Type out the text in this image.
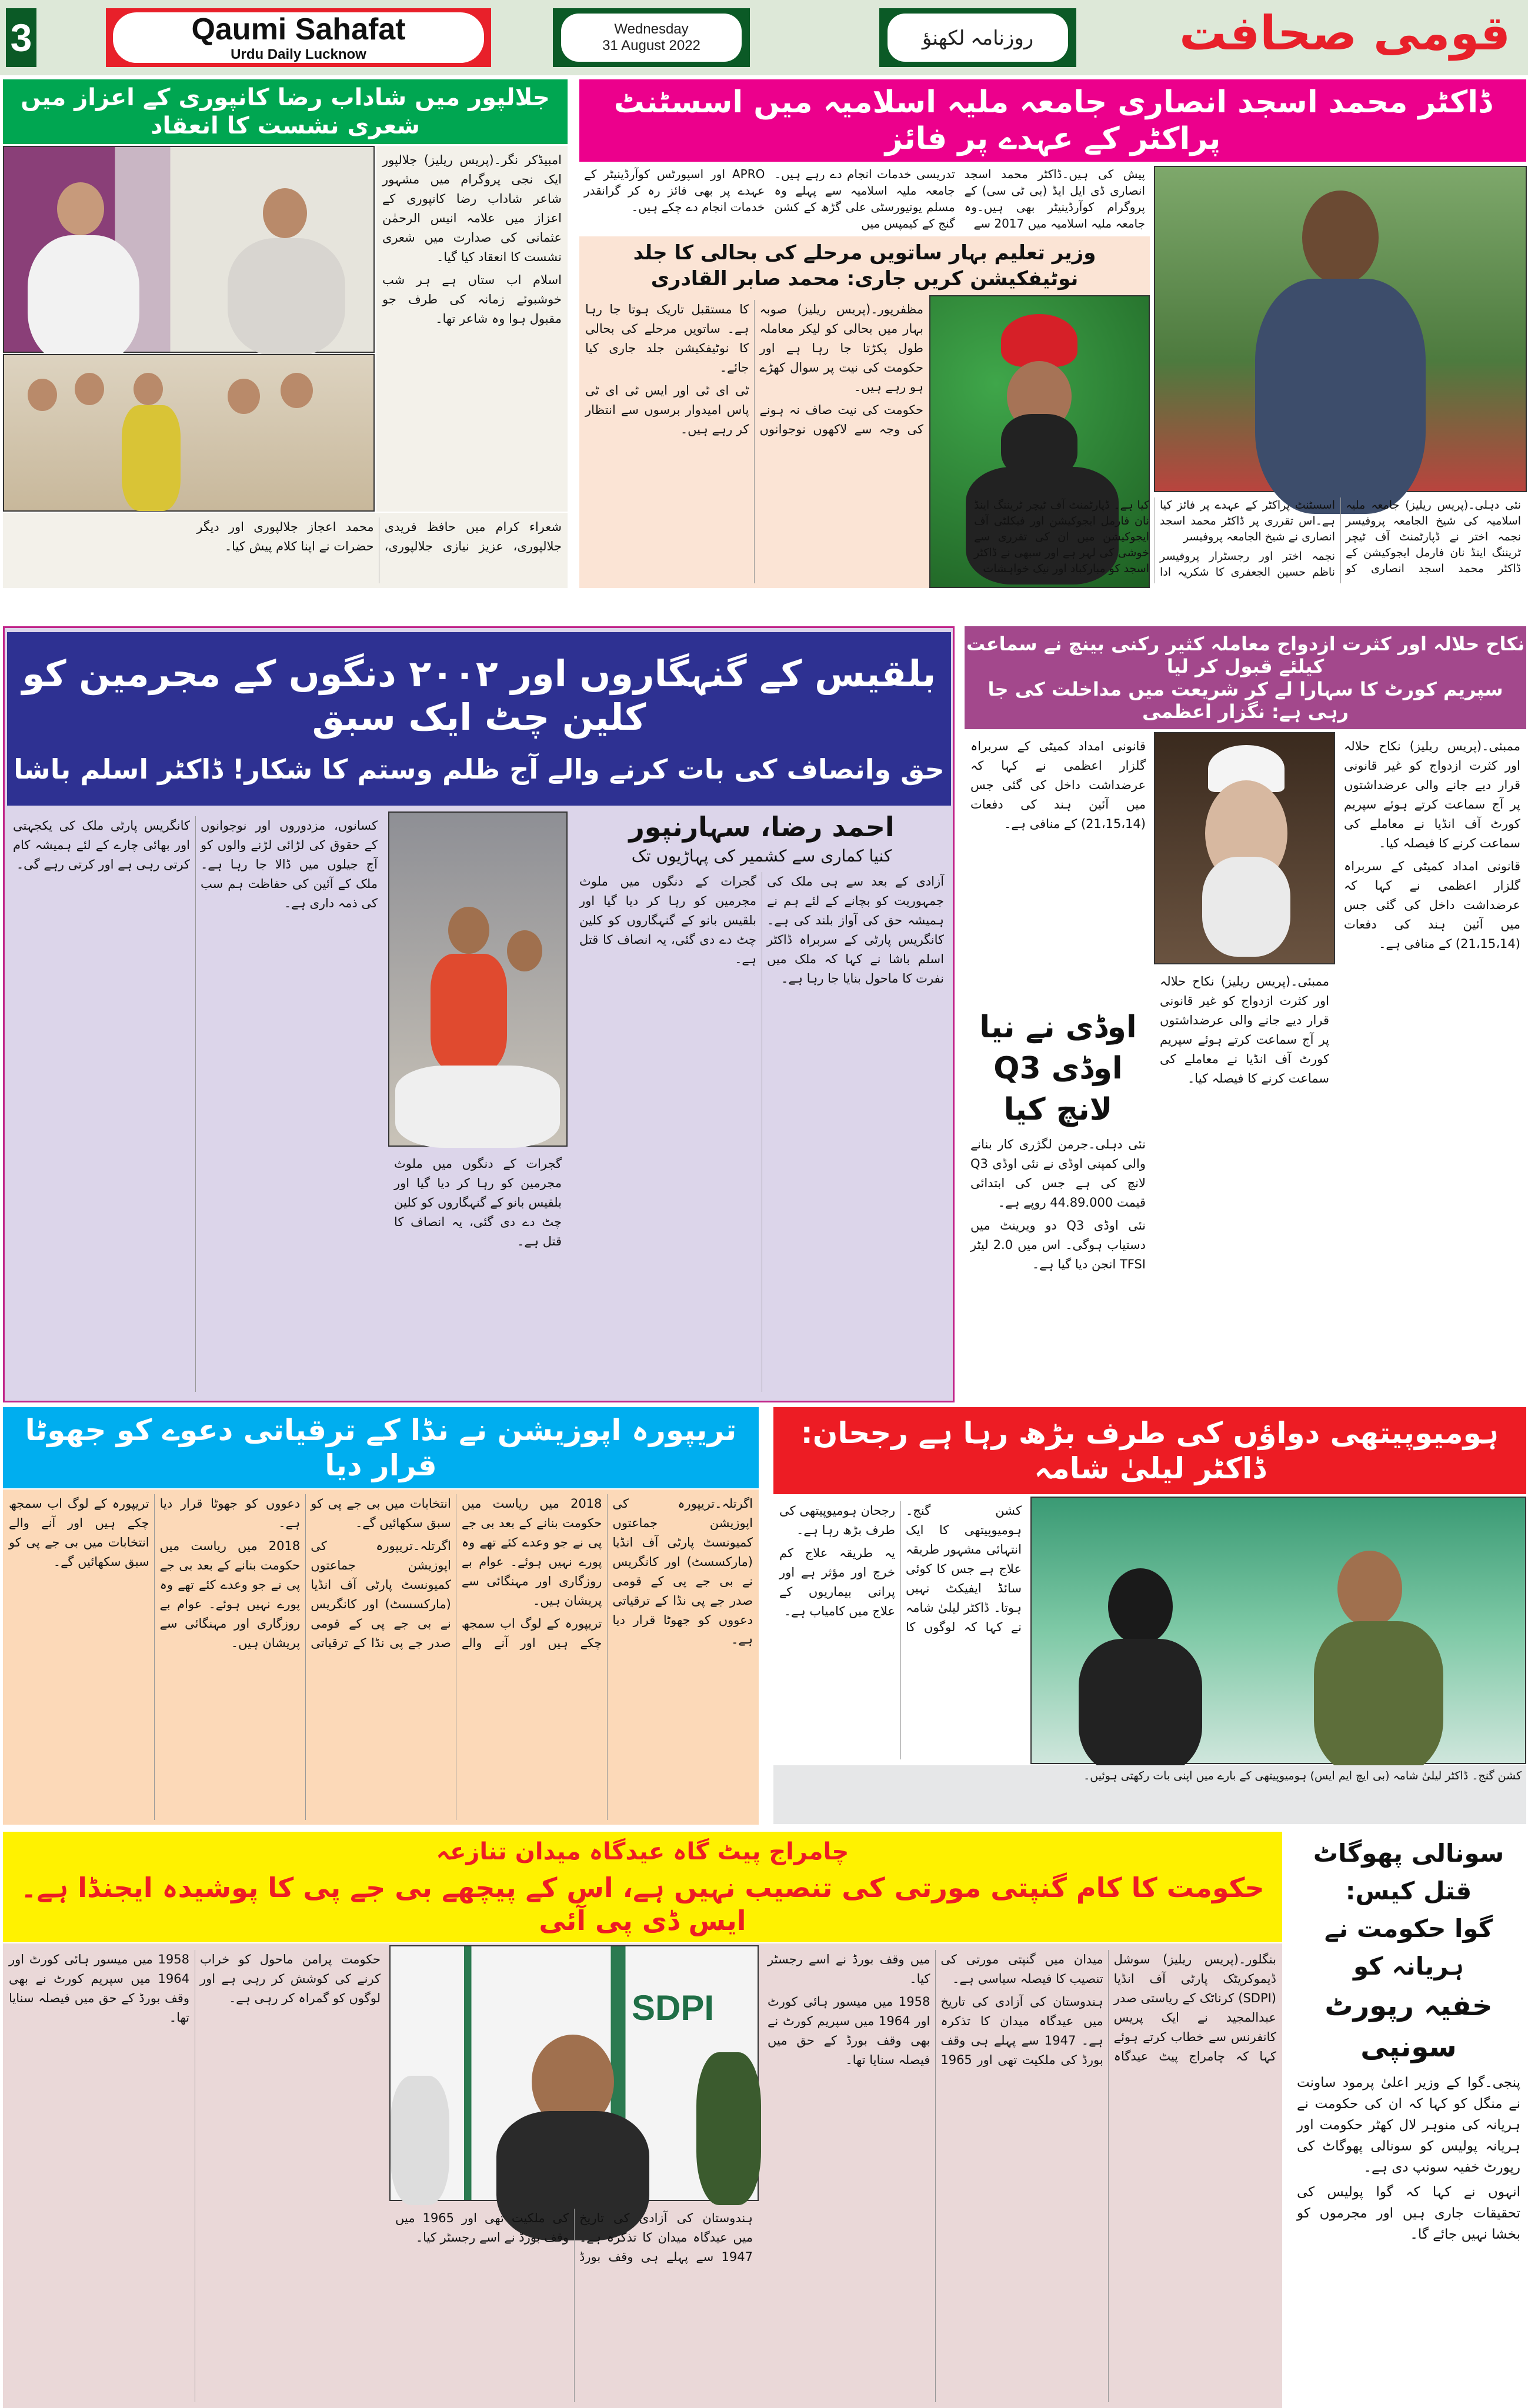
3	Qaumi Sahafat
Urdu Daily Lucknow
Wednesday
31 August 2022	روزنامہ لکھنؤ	قومی صحافت
جلالپور میں شاداب رضا کانپوری کے اعزاز میں شعری نشست کا انعقاد

امبیڈکر نگر۔(پریس ریلیز) جلالپور ایک نجی پروگرام میں مشہور شاعر شاداب رضا کانپوری کے اعزاز میں علامہ انیس الرحمٰن عثمانی کی صدارت میں شعری نشست کا انعقاد کیا گیا۔

اسلام اب ستاں ہے ہر شب خوشبوئے زمانہ کی طرف جو مقبول ہوا وہ شاعر تھا۔

شعراء کرام میں حافظ فریدی جلالپوری، عزیز نیازی جلالپوری، محمد اعجاز جلالپوری اور دیگر حضرات نے اپنا کلام پیش کیا۔

ڈاکٹر محمد اسجد انصاری جامعہ ملیہ اسلامیہ میں اسسٹنٹ پراکٹر کے عہدے پر فائز

پیش کی ہیں۔ڈاکٹر محمد اسجد انصاری ڈی ایل ایڈ (بی ٹی سی) کے پروگرام کوآرڈینیٹر بھی ہیں۔وہ جامعہ ملیہ اسلامیہ میں 2017 سے

تدریسی خدمات انجام دے رہے ہیں۔ جامعہ ملیہ اسلامیہ سے پہلے وہ مسلم یونیورسٹی علی گڑھ کے کشن گنج کے کیمپس میں

APRO اور اسپورٹس کوآرڈینیٹر کے عہدے پر بھی فائز رہ کر گرانقدر خدمات انجام دے چکے ہیں۔

وزیر تعلیم بہار ساتویں مرحلے کی بحالی کا جلد نوٹیفکیشن کریں جاری: محمد صابر القادری

مظفرپور۔(پریس ریلیز) صوبہ بہار میں بحالی کو لیکر معاملہ طول پکڑتا جا رہا ہے اور حکومت کی نیت پر سوال کھڑے ہو رہے ہیں۔

حکومت کی نیت صاف نہ ہونے کی وجہ سے لاکھوں نوجوانوں کا مستقبل تاریک ہوتا جا رہا ہے۔ ساتویں مرحلے کی بحالی کا نوٹیفکیشن جلد جاری کیا جائے۔

ٹی ای ٹی اور ایس ٹی ای ٹی پاس امیدوار برسوں سے انتظار کر رہے ہیں۔

نئی دہلی۔(پریس ریلیز) جامعہ ملیہ اسلامیہ کی شیخ الجامعہ پروفیسر نجمہ اختر نے ڈپارٹمنٹ آف ٹیچر ٹریننگ اینڈ نان فارمل ایجوکیشن کے ڈاکٹر محمد اسجد انصاری کو اسسٹنٹ پراکٹر کے عہدے پر فائز کیا ہے۔اس تقرری پر ڈاکٹر محمد اسجد انصاری نے شیخ الجامعہ پروفیسر

نجمہ اختر اور رجسٹرار پروفیسر ناظم حسین الجعفری کا شکریہ ادا کیا ہے۔ ڈپارٹمنٹ آف ٹیچر ٹریننگ اینڈ نان فارمل ایجوکیشن اور فیکلٹی آف ایجوکیشن میں ان کی تقرری سے خوشی کی لہر ہے اور سبھی نے ڈاکٹر اسجد کو مبارکباد اور نیک خواہشات

بلقیس کے گنہگاروں اور ۲۰۰۲ دنگوں کے مجرمین کو کلین چٹ ایک سبق
حق وانصاف کی بات کرنے والے آج ظلم وستم کا شکار! ڈاکٹر اسلم باشا
احمد رضا، سہارنپور
کنیا کماری سے کشمیر کی پہاڑیوں تک

آزادی کے بعد سے ہی ملک کی جمہوریت کو بچانے کے لئے ہم نے ہمیشہ حق کی آواز بلند کی ہے۔ کانگریس پارٹی کے سربراہ ڈاکٹر اسلم باشا نے کہا کہ ملک میں نفرت کا ماحول بنایا جا رہا ہے۔

گجرات کے دنگوں میں ملوث مجرمین کو رہا کر دیا گیا اور بلقیس بانو کے گنہگاروں کو کلین چٹ دے دی گئی، یہ انصاف کا قتل ہے۔

کسانوں، مزدوروں اور نوجوانوں کے حقوق کی لڑائی لڑنے والوں کو آج جیلوں میں ڈالا جا رہا ہے۔ ملک کے آئین کی حفاظت ہم سب کی ذمہ داری ہے۔

کانگریس پارٹی ملک کی یکجہتی اور بھائی چارے کے لئے ہمیشہ کام کرتی رہی ہے اور کرتی رہے گی۔

گجرات کے دنگوں میں ملوث مجرمین کو رہا کر دیا گیا اور بلقیس بانو کے گنہگاروں کو کلین چٹ دے دی گئی، یہ انصاف کا قتل ہے۔

نکاح حلالہ اور کثرت ازدواج معاملہ کثیر رکنی بینچ نے سماعت کیلئے قبول کر لیا
سپریم کورٹ کا سہارا لے کر شریعت میں مداخلت کی جا رہی ہے: نگزار اعظمی

قانونی امداد کمیٹی کے سربراہ گلزار اعظمی نے کہا کہ عرضداشت داخل کی گئی جس میں آئین ہند کی دفعات (21،15،14) کے منافی ہے۔

ممبئی۔(پریس ریلیز) نکاح حلالہ اور کثرت ازدواج کو غیر قانونی قرار دیے جانے والی عرضداشتوں پر آج سماعت کرتے ہوئے سپریم کورٹ آف انڈیا نے معاملے کی سماعت کرنے کا فیصلہ کیا۔

قانونی امداد کمیٹی کے سربراہ گلزار اعظمی نے کہا کہ عرضداشت داخل کی گئی جس میں آئین ہند کی دفعات (21،15،14) کے منافی ہے۔

ممبئی۔(پریس ریلیز) نکاح حلالہ اور کثرت ازدواج کو غیر قانونی قرار دیے جانے والی عرضداشتوں پر آج سماعت کرتے ہوئے سپریم کورٹ آف انڈیا نے معاملے کی سماعت کرنے کا فیصلہ کیا۔

اوڈی نے نیا اوڈی Q3 لانچ کیا

نئی دہلی۔جرمن لگژری کار بنانے والی کمپنی اوڈی نے نئی اوڈی Q3 لانچ کی ہے جس کی ابتدائی قیمت 44.89.000 روپے ہے۔

نئی اوڈی Q3 دو ویرینٹ میں دستیاب ہوگی۔ اس میں 2.0 لیٹر TFSI انجن دیا گیا ہے۔

تریپورہ اپوزیشن نے نڈا کے ترقیاتی دعوے کو جھوٹا قرار دیا

اگرتلہ۔تریپورہ کی اپوزیشن جماعتوں کمیونسٹ پارٹی آف انڈیا (مارکسسٹ) اور کانگریس نے بی جے پی کے قومی صدر جے پی نڈا کے ترقیاتی دعووں کو جھوٹا قرار دیا ہے۔

2018 میں ریاست میں حکومت بنانے کے بعد بی جے پی نے جو وعدے کئے تھے وہ پورے نہیں ہوئے۔ عوام بے روزگاری اور مہنگائی سے پریشان ہیں۔

تریپورہ کے لوگ اب سمجھ چکے ہیں اور آنے والے انتخابات میں بی جے پی کو سبق سکھائیں گے۔

اگرتلہ۔تریپورہ کی اپوزیشن جماعتوں کمیونسٹ پارٹی آف انڈیا (مارکسسٹ) اور کانگریس نے بی جے پی کے قومی صدر جے پی نڈا کے ترقیاتی دعووں کو جھوٹا قرار دیا ہے۔

2018 میں ریاست میں حکومت بنانے کے بعد بی جے پی نے جو وعدے کئے تھے وہ پورے نہیں ہوئے۔ عوام بے روزگاری اور مہنگائی سے پریشان ہیں۔

تریپورہ کے لوگ اب سمجھ چکے ہیں اور آنے والے انتخابات میں بی جے پی کو سبق سکھائیں گے۔

ہومیوپیتھی دواؤں کی طرف بڑھ رہا ہے رجحان: ڈاکٹر لیلیٰ شامہ

کشن گنج۔ ہومیوپیتھی کا ایک انتہائی مشہور طریقہ علاج ہے جس کا کوئی سائڈ ایفیکٹ نہیں ہوتا۔ ڈاکٹر لیلیٰ شامہ نے کہا کہ لوگوں کا رجحان ہومیوپیتھی کی طرف بڑھ رہا ہے۔

یہ طریقہ علاج کم خرچ اور مؤثر ہے اور پرانی بیماریوں کے علاج میں کامیاب ہے۔

کشن گنج۔ ڈاکٹر لیلیٰ شامہ (بی ایچ ایم ایس) ہومیوپیتھی کے بارے میں اپنی بات رکھتی ہوئیں۔
چامراج پیٹ گاہ عیدگاہ میدان تنازعہ
حکومت کا کام گنپتی مورتی کی تنصیب نہیں ہے، اس کے پیچھے بی جے پی کا پوشیدہ ایجنڈا ہے۔ ایس ڈی پی آئی
SDPI

بنگلور۔(پریس ریلیز) سوشل ڈیموکریٹک پارٹی آف انڈیا (SDPI) کرناٹک کے ریاستی صدر عبدالمجید نے ایک پریس کانفرنس سے خطاب کرتے ہوئے کہا کہ چامراج پیٹ عیدگاہ میدان میں گنپتی مورتی کی تنصیب کا فیصلہ سیاسی ہے۔

ہندوستان کی آزادی کی تاریخ میں عیدگاہ میدان کا تذکرہ ہے۔ 1947 سے پہلے ہی وقف بورڈ کی ملکیت تھی اور 1965 میں وقف بورڈ نے اسے رجسٹر کیا۔

1958 میں میسور ہائی کورٹ اور 1964 میں سپریم کورٹ نے بھی وقف بورڈ کے حق میں فیصلہ سنایا تھا۔

حکومت پرامن ماحول کو خراب کرنے کی کوشش کر رہی ہے اور لوگوں کو گمراہ کر رہی ہے۔

1958 میں میسور ہائی کورٹ اور 1964 میں سپریم کورٹ نے بھی وقف بورڈ کے حق میں فیصلہ سنایا تھا۔

ہندوستان کی آزادی کی تاریخ میں عیدگاہ میدان کا تذکرہ ہے۔ 1947 سے پہلے ہی وقف بورڈ کی ملکیت تھی اور 1965 میں وقف بورڈ نے اسے رجسٹر کیا۔

سونالی پھوگاٹ قتل کیس:
گوا حکومت نے ہریانہ کو
خفیہ رپورٹ سونپی

پنجی۔گوا کے وزیر اعلیٰ پرمود ساونت نے منگل کو کہا کہ ان کی حکومت نے ہریانہ کی منوہر لال کھٹر حکومت اور ہریانہ پولیس کو سونالی پھوگاٹ کی رپورٹ خفیہ سونپ دی ہے۔

انہوں نے کہا کہ گوا پولیس کی تحقیقات جاری ہیں اور مجرموں کو بخشا نہیں جائے گا۔
